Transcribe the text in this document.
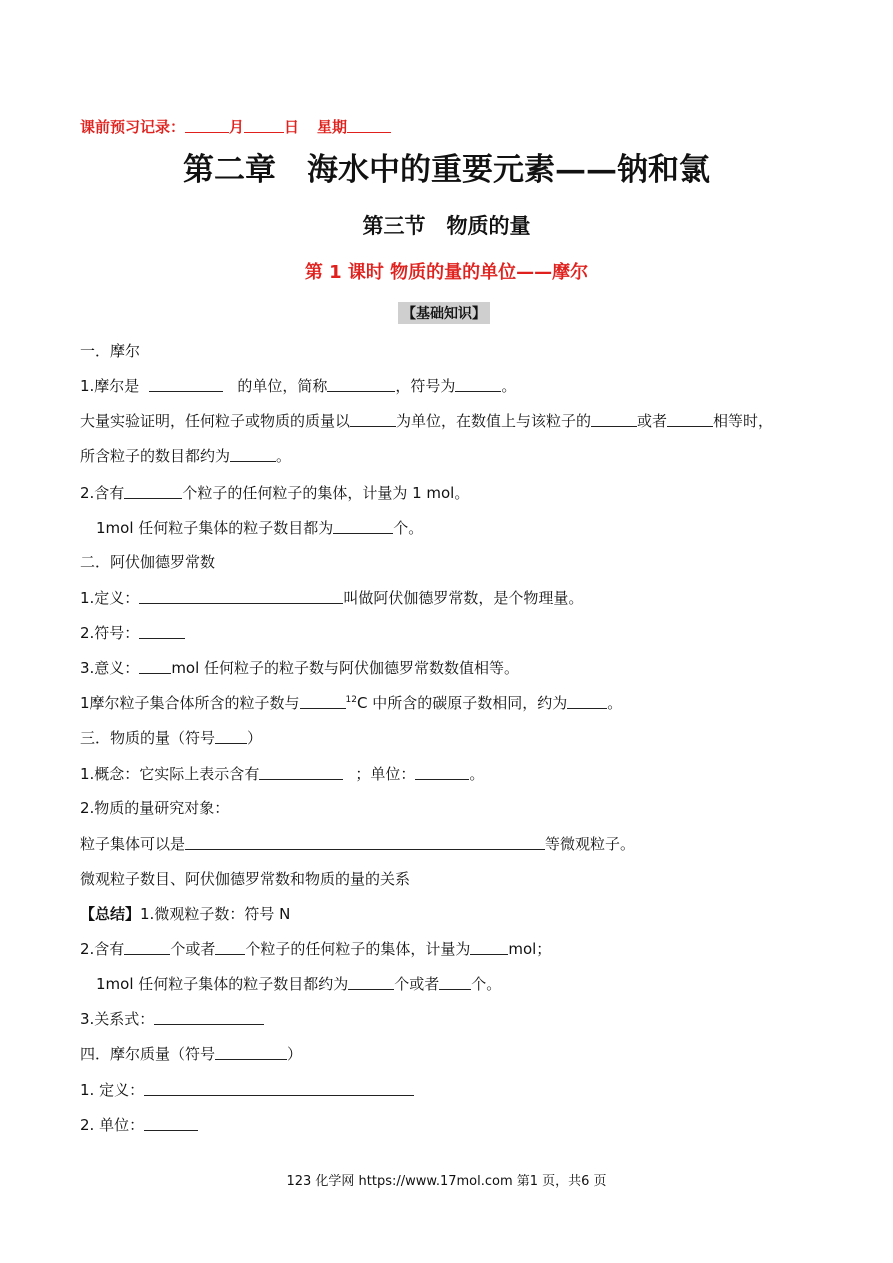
课前预习记录：	月	日 星期
第二章　海水中的重要元素——钠和氯
第三节　物质的量
第 1 课时 物质的量的单位——摩尔
【基础知识】
一．摩尔
1.摩尔是	的单位，简称	，符号为	。
大量实验证明，任何粒子或物质的质量以	为单位，在数值上与该粒子的	或者	相等时，
所含粒子的数目都约为	。
2.含有	个粒子的任何粒子的集体，计量为 1 mol。
1mol 任何粒子集体的粒子数目都为	个。
二．阿伏伽德罗常数
1.定义：	叫做阿伏伽德罗常数，是个物理量。
2.符号：
3.意义： mol 任何粒子的粒子数与阿伏伽德罗常数数值相等。
1摩尔粒子集合体所含的粒子数与	$^{12}$C 中所含的碳原子数相同，约为	。
三．物质的量（符号 ）
1.概念：它实际上表示含有	；单位：	。
2.物质的量研究对象：
粒子集体可以是	等微观粒子。
微观粒子数目、阿伏伽德罗常数和物质的量的关系
【总结】1.微观粒子数：符号 N
2.含有	个或者 个粒子的任何粒子的集体，计量为	mol；
1mol 任何粒子集体的粒子数目都约为	个或者 个。
3.关系式：
四．摩尔质量（符号	）
1. 定义：
2. 单位：
123 化学网 https://www.17mol.com 第1 页，共6 页
